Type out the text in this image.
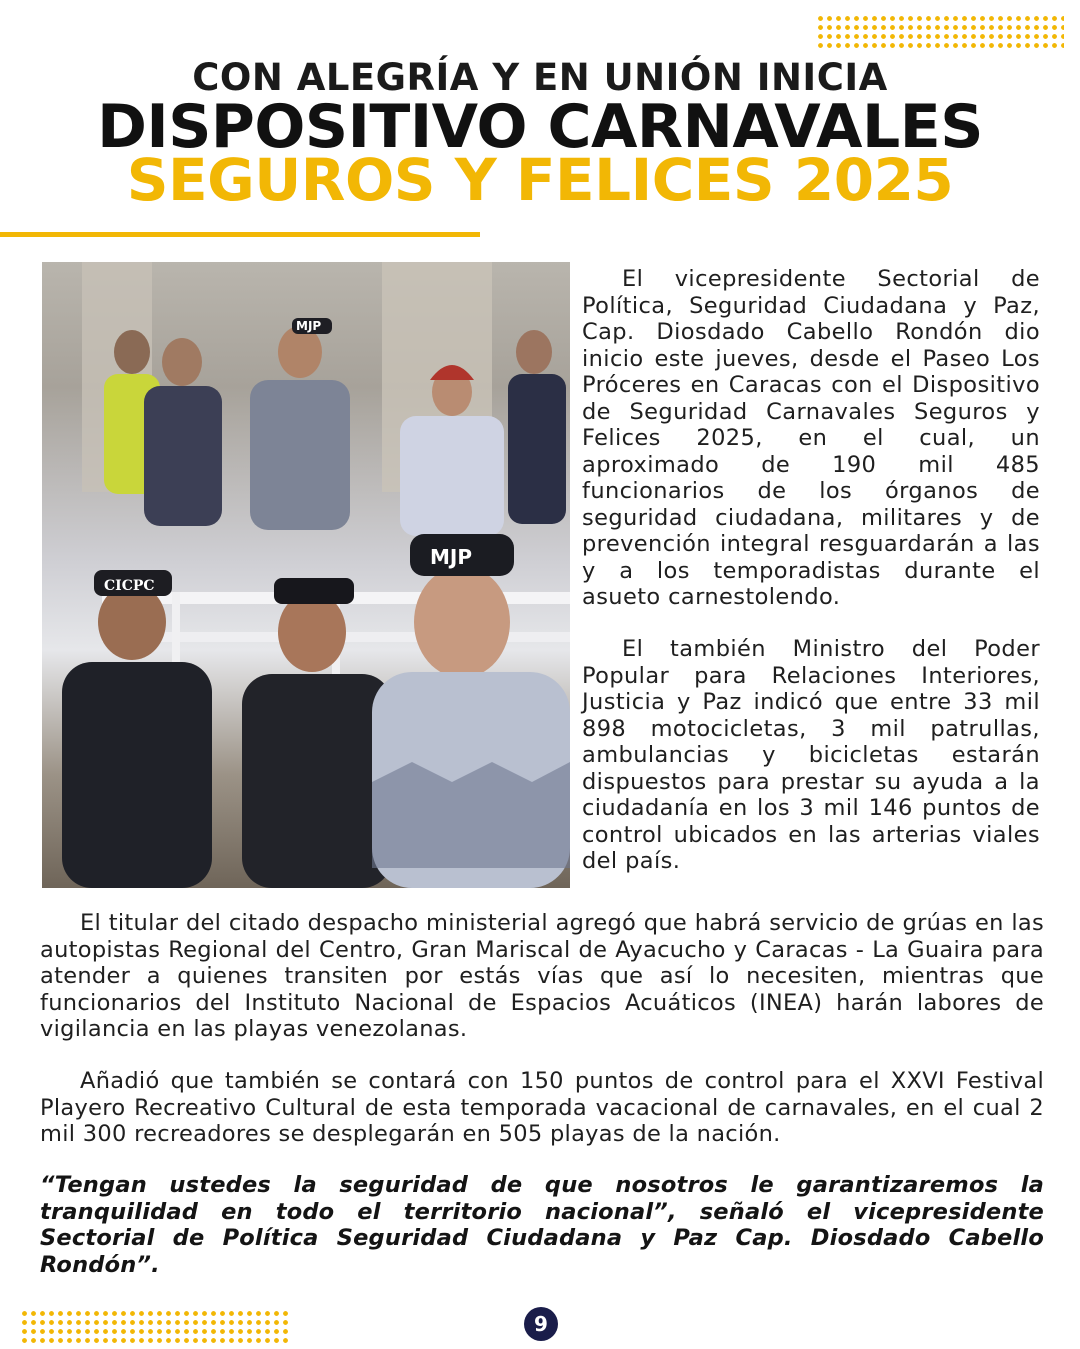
CON ALEGRÍA Y EN UNIÓN INICIA
DISPOSITIVO CARNAVALES
SEGUROS Y FELICES 2025
MJP
CICPC
MJP

El vicepresidente Sectorial de Política, Seguridad Ciudadana y Paz, Cap. Diosdado Cabello Rondón dio inicio este jueves, desde el Paseo Los Próceres en Caracas con el Dispositivo de Seguridad Carnavales Seguros y Felices 2025, en el cual, un aproximado de 190 mil 485 funcionarios de los órganos de seguridad ciudadana, militares y de prevención integral resguardarán a las y a los temporadistas durante el asueto carnestolendo.

El también Ministro del Poder Popular para Relaciones Interiores, Justicia y Paz indicó que entre 33 mil 898 motocicletas, 3 mil patrullas, ambulancias y bicicletas estarán dispuestos para prestar su ayuda a la ciudadanía en los 3 mil 146 puntos de control ubicados en las arterias viales del país.

El titular del citado despacho ministerial agregó que habrá servicio de grúas en las autopistas Regional del Centro, Gran Mariscal de Ayacucho y Caracas - La Guaira para atender a quienes transiten por estás vías que así lo necesiten, mientras que funcionarios del Instituto Nacional de Espacios Acuáticos (INEA) harán labores de vigilancia en las playas venezolanas.

Añadió que también se contará con 150 puntos de control para el XXVI Festival Playero Recreativo Cultural de esta temporada vacacional de carnavales, en el cual 2 mil 300 recreadores se desplegarán en 505 playas de la nación.

“Tengan ustedes la seguridad de que nosotros le garantizaremos la tranquilidad en todo el territorio nacional”, señaló el vicepresidente Sectorial de Política Seguridad Ciudadana y Paz Cap. Diosdado Cabello Rondón”.

9
